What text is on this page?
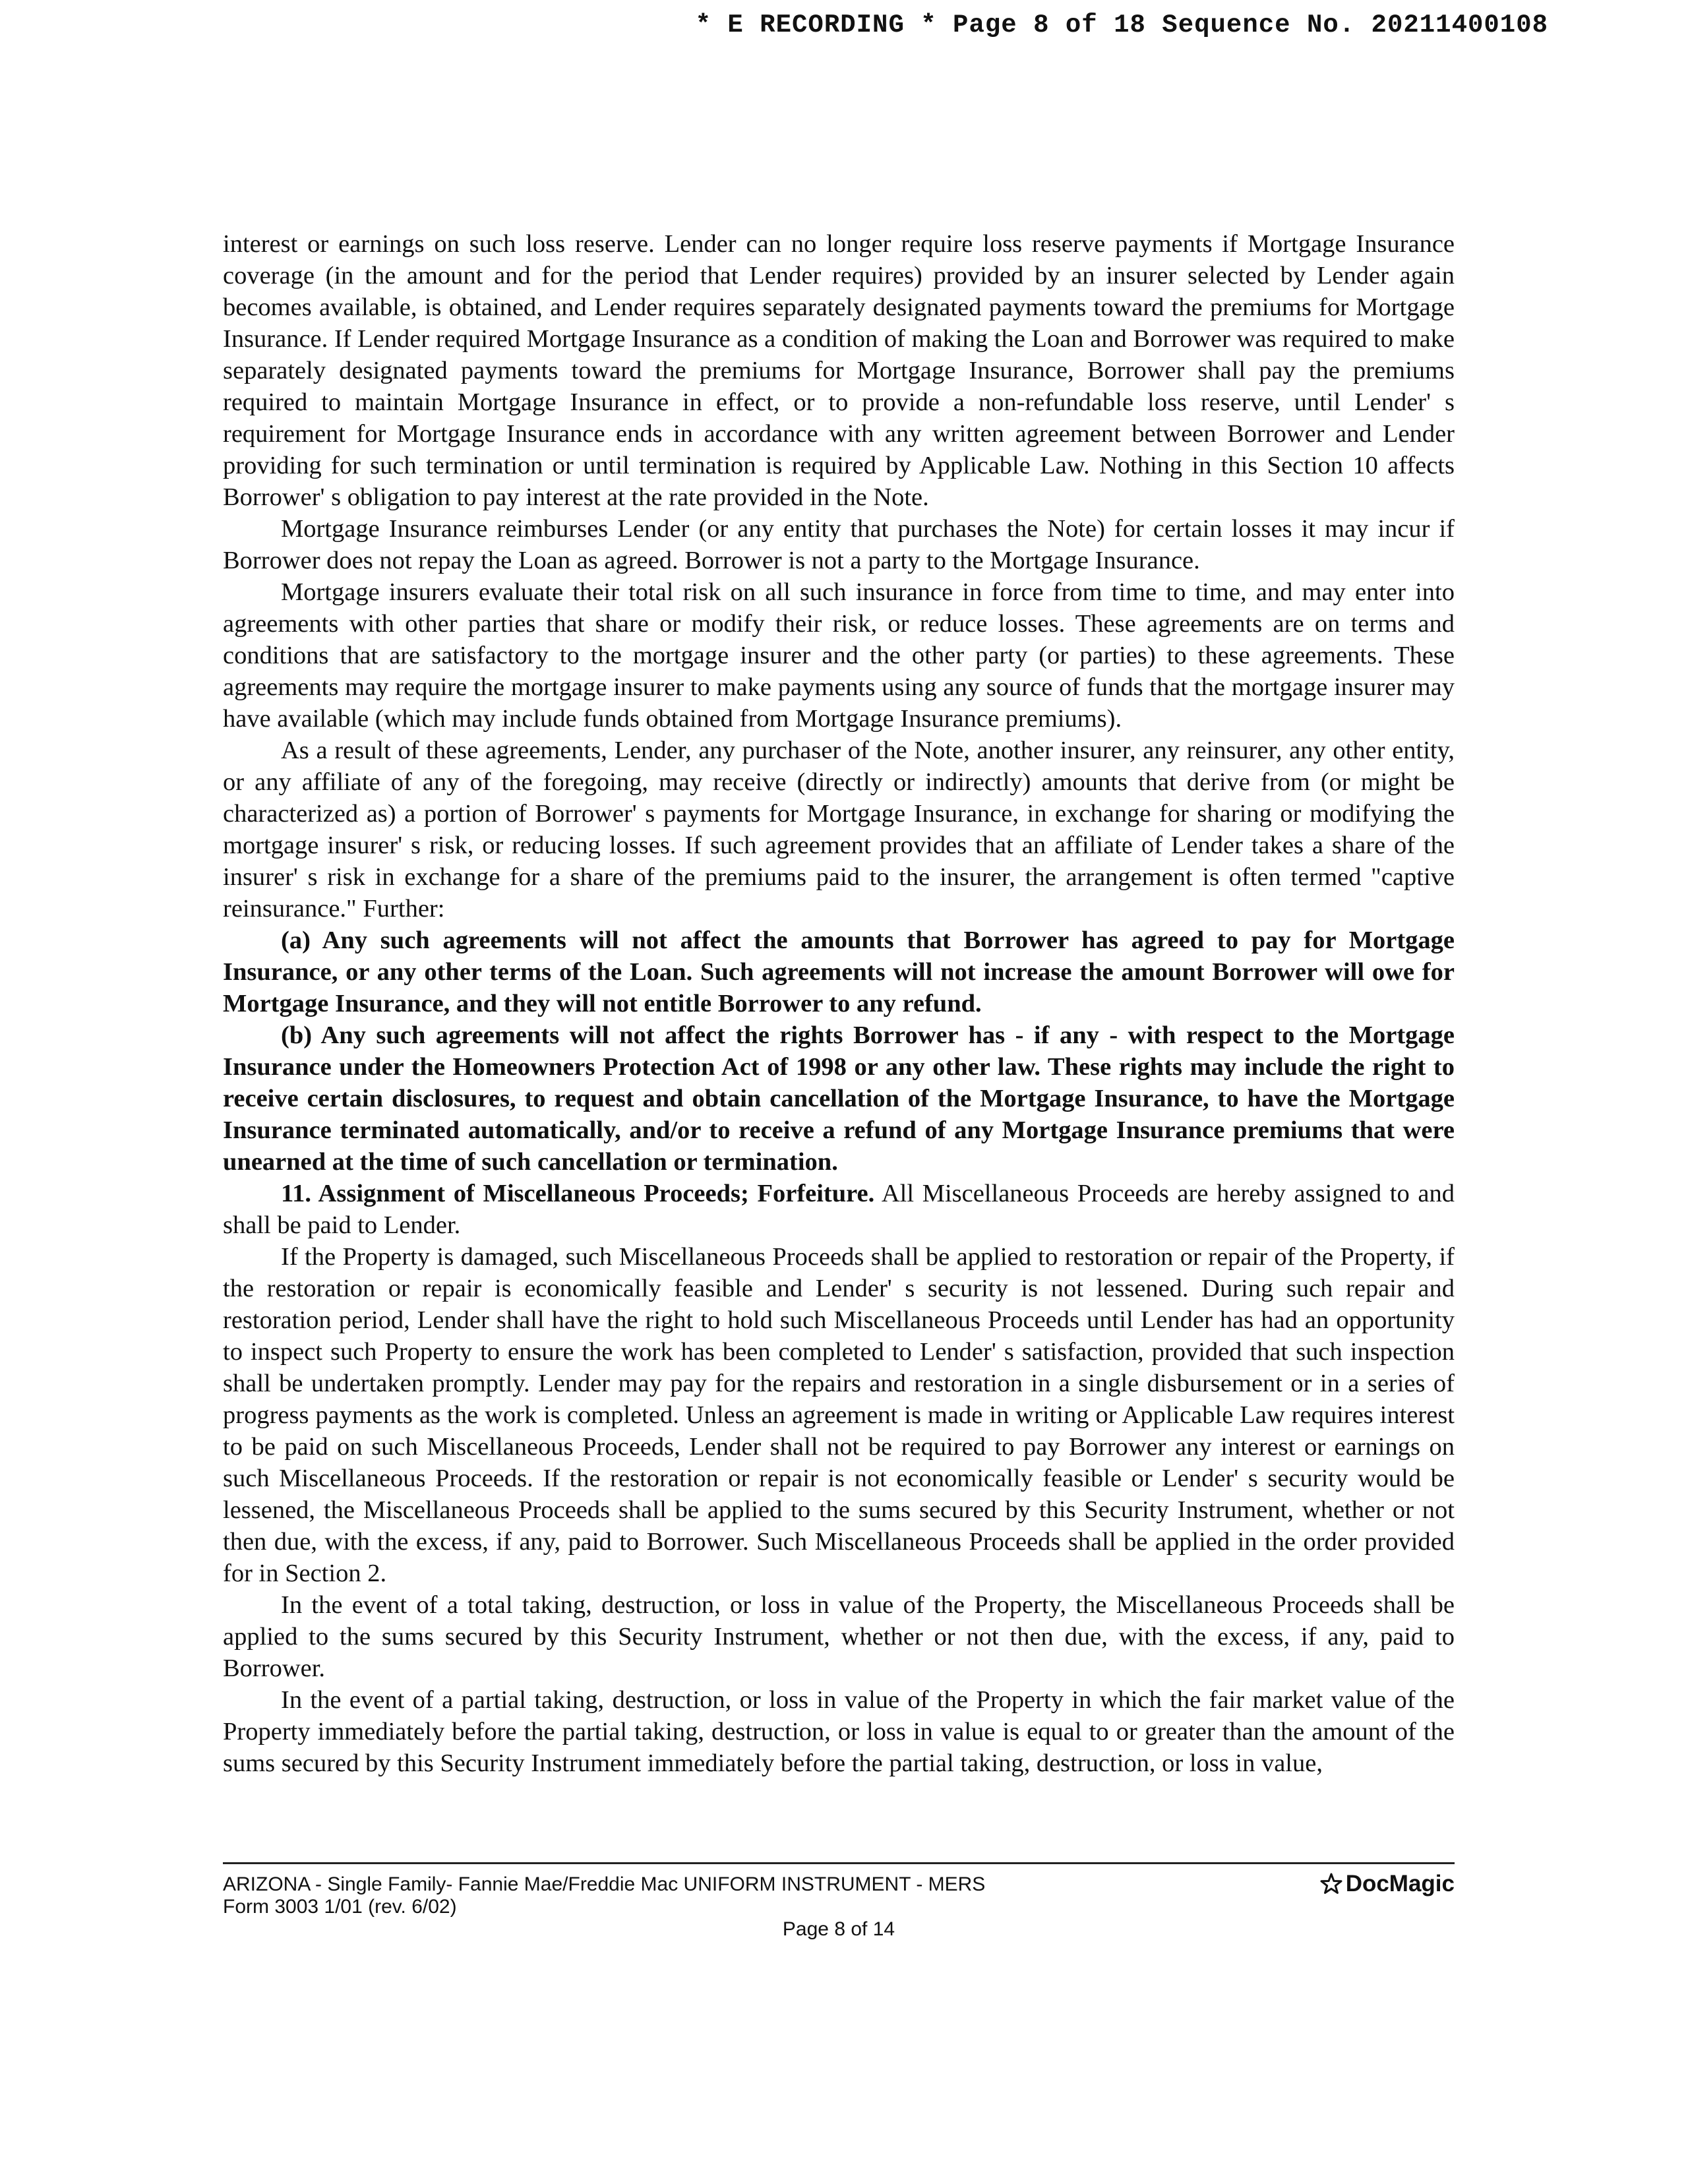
* E RECORDING * Page 8 of 18 Sequence No. 20211400108

interest or earnings on such loss reserve. Lender can no longer require loss reserve payments if Mortgage Insurance coverage (in the amount and for the period that Lender requires) provided by an insurer selected by Lender again becomes available, is obtained, and Lender requires separately designated payments toward the premiums for Mortgage Insurance. If Lender required Mortgage Insurance as a condition of making the Loan and Borrower was required to make separately designated payments toward the premiums for Mortgage Insurance, Borrower shall pay the premiums required to maintain Mortgage Insurance in effect, or to provide a non-refundable loss reserve, until Lender' s requirement for Mortgage Insurance ends in accordance with any written agreement between Borrower and Lender providing for such termination or until termination is required by Applicable Law. Nothing in this Section 10 affects Borrower' s obligation to pay interest at the rate provided in the Note.

Mortgage Insurance reimburses Lender (or any entity that purchases the Note) for certain losses it may incur if Borrower does not repay the Loan as agreed. Borrower is not a party to the Mortgage Insurance.

Mortgage insurers evaluate their total risk on all such insurance in force from time to time, and may enter into agreements with other parties that share or modify their risk, or reduce losses. These agreements are on terms and conditions that are satisfactory to the mortgage insurer and the other party (or parties) to these agreements. These agreements may require the mortgage insurer to make payments using any source of funds that the mortgage insurer may have available (which may include funds obtained from Mortgage Insurance premiums).

As a result of these agreements, Lender, any purchaser of the Note, another insurer, any reinsurer, any other entity, or any affiliate of any of the foregoing, may receive (directly or indirectly) amounts that derive from (or might be characterized as) a portion of Borrower' s payments for Mortgage Insurance, in exchange for sharing or modifying the mortgage insurer' s risk, or reducing losses. If such agreement provides that an affiliate of Lender takes a share of the insurer' s risk in exchange for a share of the premiums paid to the insurer, the arrangement is often termed "captive reinsurance." Further:

(a) Any such agreements will not affect the amounts that Borrower has agreed to pay for Mortgage Insurance, or any other terms of the Loan. Such agreements will not increase the amount Borrower will owe for Mortgage Insurance, and they will not entitle Borrower to any refund.

(b) Any such agreements will not affect the rights Borrower has - if any - with respect to the Mortgage Insurance under the Homeowners Protection Act of 1998 or any other law. These rights may include the right to receive certain disclosures, to request and obtain cancellation of the Mortgage Insurance, to have the Mortgage Insurance terminated automatically, and/or to receive a refund of any Mortgage Insurance premiums that were unearned at the time of such cancellation or termination.

11. Assignment of Miscellaneous Proceeds; Forfeiture. All Miscellaneous Proceeds are hereby assigned to and shall be paid to Lender.

If the Property is damaged, such Miscellaneous Proceeds shall be applied to restoration or repair of the Property, if the restoration or repair is economically feasible and Lender' s security is not lessened. During such repair and restoration period, Lender shall have the right to hold such Miscellaneous Proceeds until Lender has had an opportunity to inspect such Property to ensure the work has been completed to Lender' s satisfaction, provided that such inspection shall be undertaken promptly. Lender may pay for the repairs and restoration in a single disbursement or in a series of progress payments as the work is completed. Unless an agreement is made in writing or Applicable Law requires interest to be paid on such Miscellaneous Proceeds, Lender shall not be required to pay Borrower any interest or earnings on such Miscellaneous Proceeds. If the restoration or repair is not economically feasible or Lender' s security would be lessened, the Miscellaneous Proceeds shall be applied to the sums secured by this Security Instrument, whether or not then due, with the excess, if any, paid to Borrower. Such Miscellaneous Proceeds shall be applied in the order provided for in Section 2.

In the event of a total taking, destruction, or loss in value of the Property, the Miscellaneous Proceeds shall be applied to the sums secured by this Security Instrument, whether or not then due, with the excess, if any, paid to Borrower.

In the event of a partial taking, destruction, or loss in value of the Property in which the fair market value of the Property immediately before the partial taking, destruction, or loss in value is equal to or greater than the amount of the sums secured by this Security Instrument immediately before the partial taking, destruction, or loss in value,

ARIZONA - Single Family- Fannie Mae/Freddie Mac UNIFORM INSTRUMENT - MERS
Form 3003 1/01 (rev. 6/02)
DocMagic
Page 8 of 14
